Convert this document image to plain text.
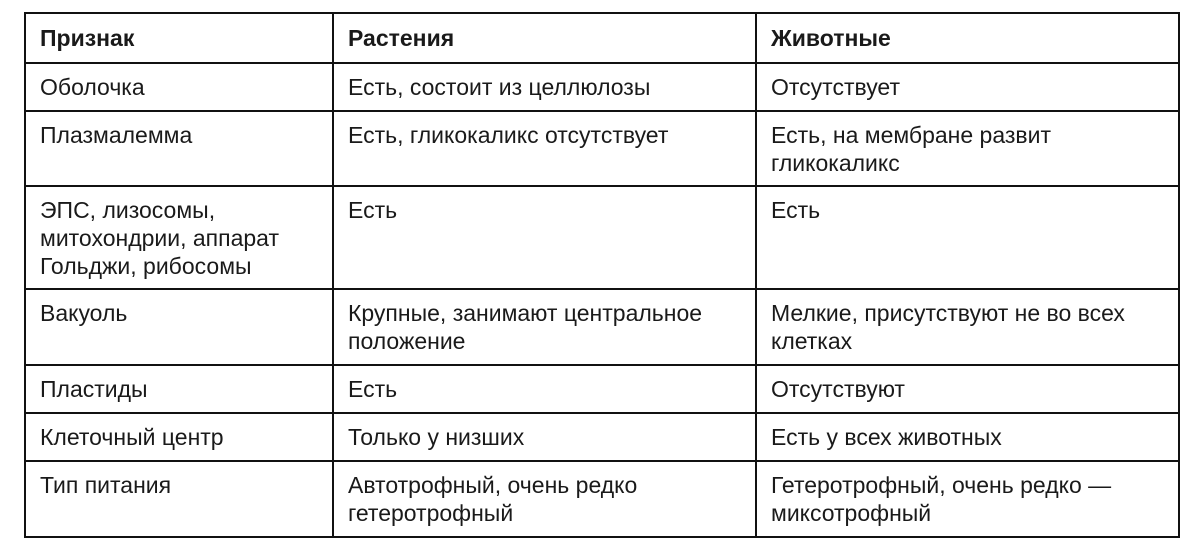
Признак	Растения	Животные
Оболочка	Есть, состоит из целлюлозы	Отсутствует
Плазмалемма	Есть, гликокаликс отсутствует	Есть, на мембране развит гликокаликс
ЭПС, лизосомы, митохондрии, аппарат Гольджи, рибосомы	Есть	Есть
Вакуоль	Крупные, занимают центральное положение	Мелкие, присутствуют не во всех клетках
Пластиды	Есть	Отсутствуют
Клеточный центр	Только у низших	Есть у всех животных
Тип питания	Автотрофный, очень редко гетеротрофный	Гетеротрофный, очень редко — миксотрофный
